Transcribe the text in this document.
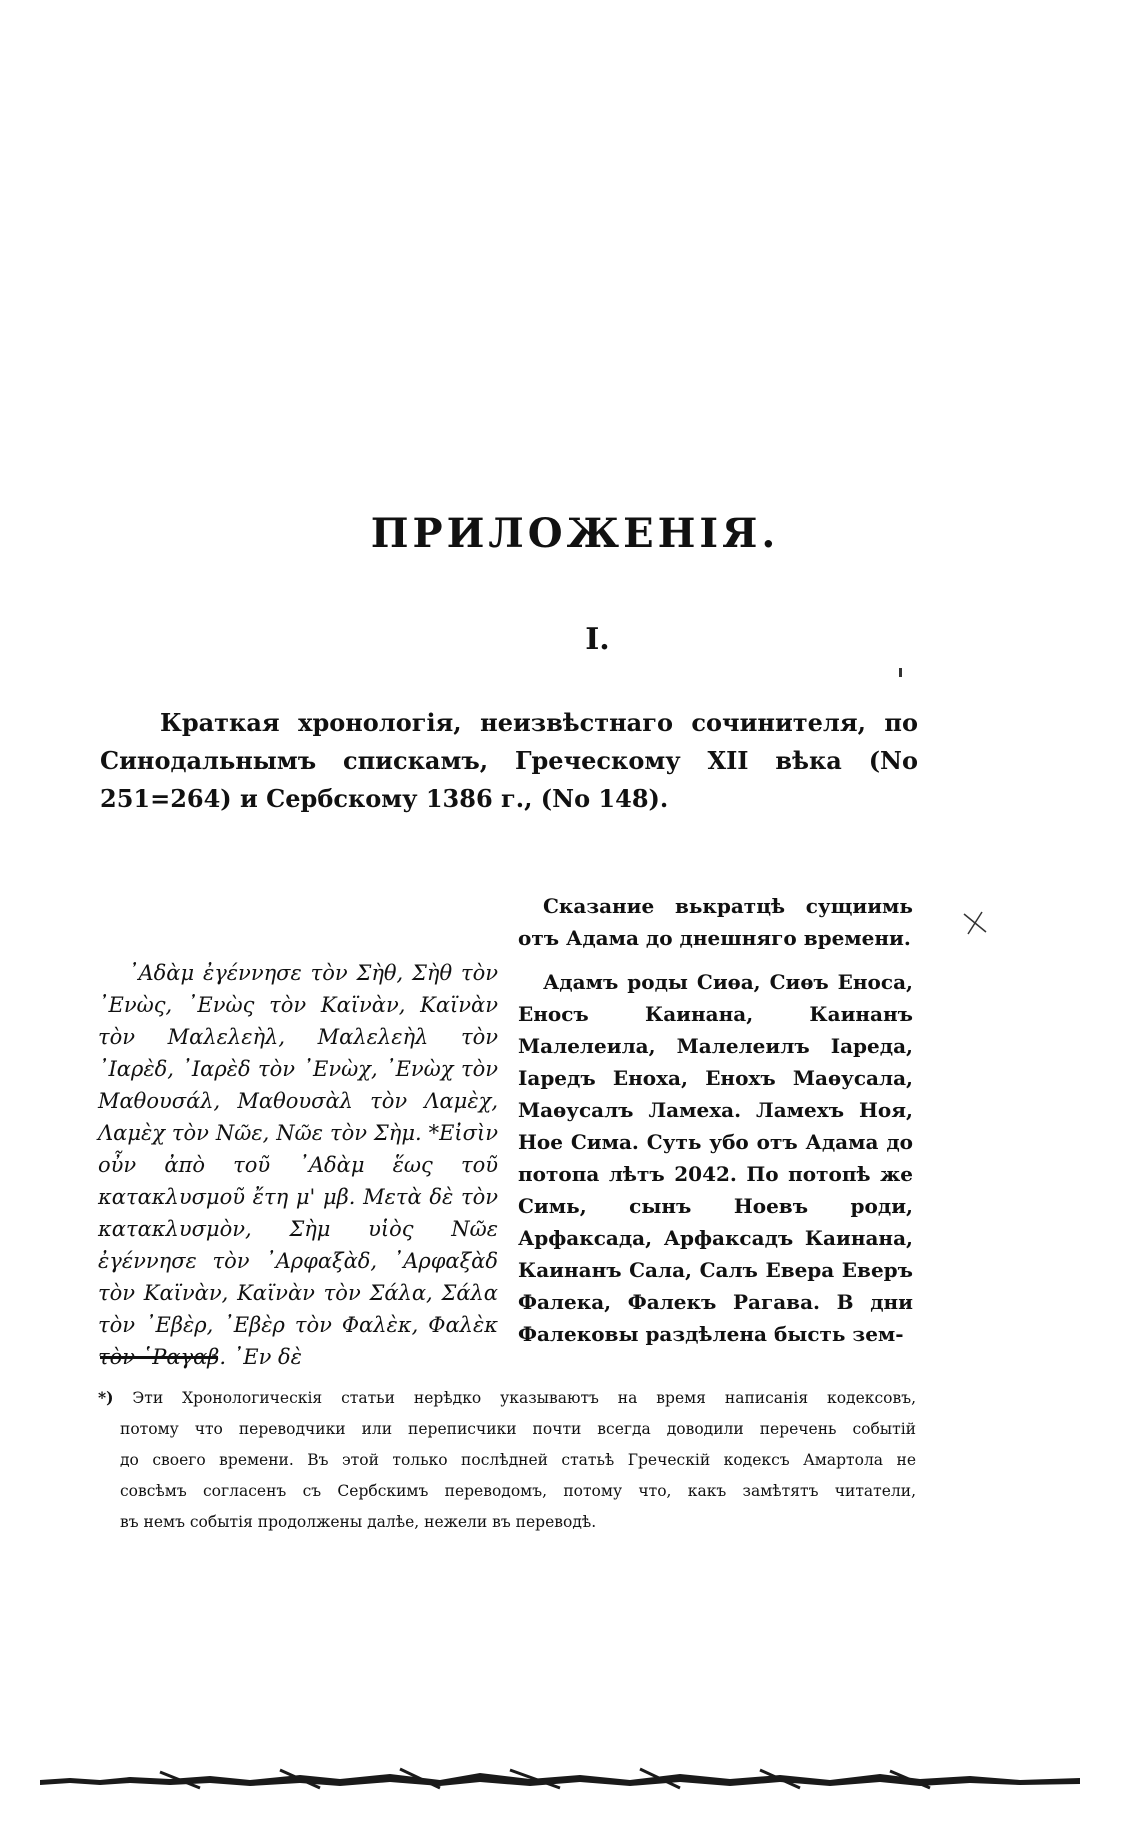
ПРИЛОЖЕНІЯ.
I.
Краткая хронологія, неизвѣстнаго сочинителя, по Синодальнымъ спискамъ, Греческому XII вѣка (No 251=264) и Сербскому 1386 г., (No 148).
᾿Αδὰμ ἐγέννησε τὸν Σὴθ, Σὴθ τὸν ᾿Ενὼς, ᾿Ενὼς τὸν Καϊνὰν, Καϊνὰν τὸν Μαλελεὴλ, Μαλελεὴλ τὸν ᾿Ιαρὲδ, ᾿Ιαρὲδ τὸν ᾿Ενὼχ, ᾿Ενὼχ τὸν Μαθουσάλ, Μαθουσὰλ τὸν Λαμὲχ, Λαμὲχ τὸν Νῶε, Νῶε τὸν Σὴμ. *Εἰσὶν οὖν ἀπὸ τοῦ ᾿Αδὰμ ἕως τοῦ κατακλυσμοῦ ἔτη μ' μβ. Μετὰ δὲ τὸν κατακλυσμὸν, Σὴμ υἱὸς Νῶε ἐγέννησε τὸν ᾿Αρφαξὰδ, ᾿Αρφαξὰδ τὸν Καϊνὰν, Καϊνὰν τὸν Σάλα, Σάλα τὸν ᾿Εβὲρ, ᾿Εβὲρ τὸν Φαλὲκ, Φαλὲκ τὸν ῾Ραγαβ. ᾿Εν δὲ

Сказание вькратцѣ сущиимь отъ Адама до днешняго времени.

Адамъ роды Сиѳа, Сиѳъ Еноса, Еносъ Каинана, Каинанъ Малелеила, Малелеилъ Іареда, Іаредъ Еноха, Енохъ Маѳусала, Маѳусалъ Ламеха. Ламехъ Ноя, Ное Сима. Суть убо отъ Адама до потопа лѣтъ 2042. По потопѣ же Симь, сынъ Ноевъ роди, Арфаксада, Арфаксадъ Каинана, Каинанъ Сала, Салъ Евера Еверъ Фалека, Фалекъ Рагава. В дни Фалековы раздѣлена бысть зем-

*) Эти Хронологическія статьи нерѣдко указываютъ на время написанія кодексовъ,
потому что переводчики или переписчики почти всегда доводили перечень событій
до своего времени. Въ этой только послѣдней статьѣ Греческій кодексъ Амартола не
совсѣмъ согласенъ съ Сербскимъ переводомъ, потому что, какъ замѣтятъ читатели,
въ немъ событія продолжены далѣе, нежели въ переводѣ.
